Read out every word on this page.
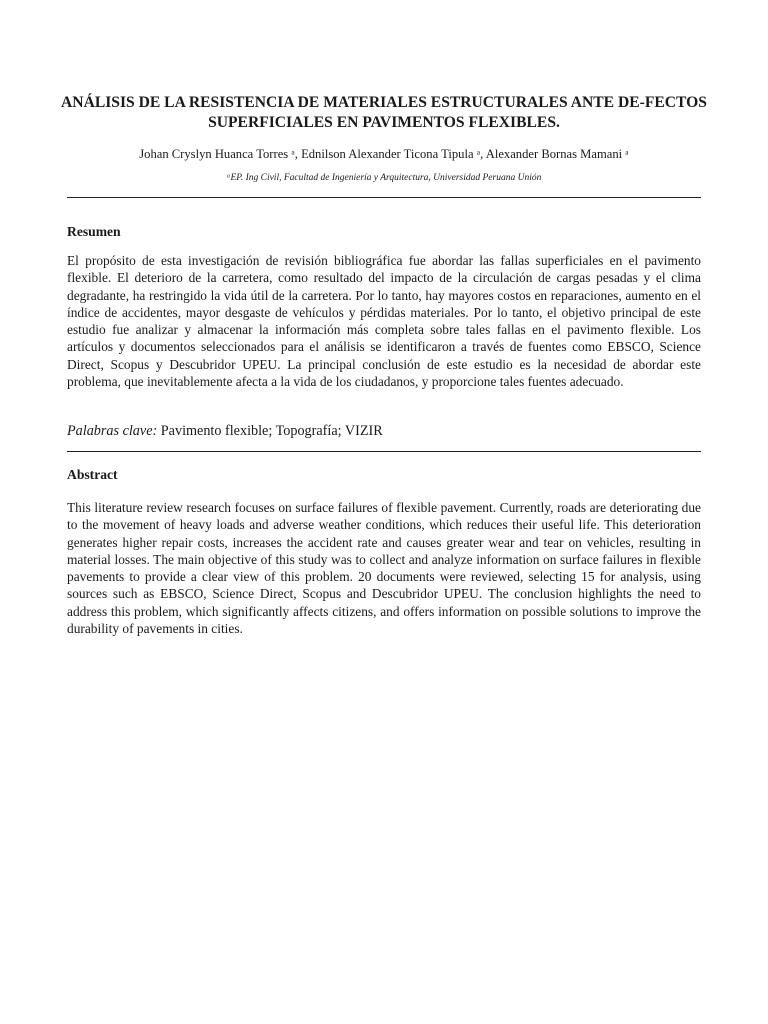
ANÁLISIS DE LA RESISTENCIA DE MATERIALES ESTRUCTURALES ANTE DE-FECTOS SUPERFICIALES EN PAVIMENTOS FLEXIBLES.
Johan Cryslyn Huanca Torres ᵃ, Ednilson Alexander Ticona Tipula ᵃ, Alexander Bornas Mamani ᵃ
ᵃEP. Ing Civil, Facultad de Ingeniería y Arquitectura, Universidad Peruana Unión
Resumen

El propósito de esta investigación de revisión bibliográfica fue abordar las fallas superficiales en el pavimento flexible. El deterioro de la carretera, como resultado del impacto de la circulación de cargas pesadas y el clima degradante, ha restringido la vida útil de la carretera. Por lo tanto, hay mayores costos en reparaciones, aumento en el índice de accidentes, mayor desgaste de vehículos y pérdidas materiales. Por lo tanto, el objetivo principal de este estudio fue analizar y almacenar la información más completa sobre tales fallas en el pavimento flexible. Los artículos y documentos seleccionados para el análisis se identificaron a través de fuentes como EBSCO, Science Direct, Scopus y Descubridor UPEU. La principal conclusión de este estudio es la necesidad de abordar este problema, que inevitablemente afecta a la vida de los ciudadanos, y proporcione tales fuentes adecuado.

Palabras clave: Pavimento flexible; Topografía; VIZIR
Abstract

This literature review research focuses on surface failures of flexible pavement. Currently, roads are deteriorating due to the movement of heavy loads and adverse weather conditions, which reduces their useful life. This deterioration generates higher repair costs, increases the accident rate and causes greater wear and tear on vehicles, resulting in material losses. The main objective of this study was to collect and analyze information on surface failures in flexible pavements to provide a clear view of this problem. 20 documents were reviewed, selecting 15 for analysis, using sources such as EBSCO, Science Direct, Scopus and Descubridor UPEU. The conclusion highlights the need to address this problem, which significantly affects citizens, and offers information on possible solutions to improve the durability of pavements in cities.
